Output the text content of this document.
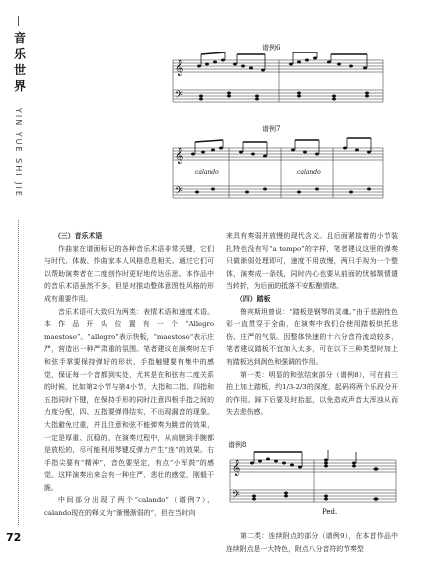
音
乐
世
界
YIN YUE SHI JIE
72
谱例6
𝄞
𝄢
谱例7
𝄞
𝄢
calando	calando

（三）音乐术语

作曲家在谱面标记的各种音乐术语非常关键，它们与时代、体裁、作曲家本人风格息息相关。通过它们可以帮助演奏者在二度创作时更好地传达乐思。本作品中的音乐术语虽然不多，但是对推动整体意图性风格的形成有重要作用。

音乐术语可大致归为两类：表情术语和速度术语。本作品开头位置有一个“Allegro maestoso”。“allegro”表示快板，“maestoso”表示庄严，营造出一种严肃重的氛围。笔者建议在演奏时左手和弦手掌要保持弹好的形状，手指触键要有集中的感觉，保证每一个音都到实处，尤其是在和弦有二度关系的时候，比如第2小节与第4小节，大指和二指、四指和五指同时下键，在保持手形的同时注意四根手指之间的力度分配，四、五指要弹得结实，不出现漏音的现象。大指避免过重，并且注意和弦不能弹奏为跳音的效果，一定是厚重、沉稳的，在演奏过程中，从肩膀到手腕都是放松的，尽可能利用琴键反弹力产生“连”的效果。右手指尖要有“精神”，音色要坚定，有点“小军鼓”的感觉。这样演奏出来会有一种庄严、悲壮的感觉，刚毅干脆。

中间部分出现了两个“calando”（谱例7），calando现在的释义为“渐慢渐弱的”，但在当时向

来具有奏弱并放慢的现代含义。且后面紧接着的小节装扎特也没有写“a tempo”的字样，笔者建议这里的弹奏只做渐弱处理即可，速度不用放慢，两只手视为一个整体，演奏成一条线，同时内心也要从前面的忧郁颓情遣当转折，为后面的抵落不安酝酿情绪。

（四）踏板

鲁宾斯坦曾说：“踏板是钢琴的灵魂。”由于悲剧性色彩一直贯穿于全曲，在演奏中我们合使用踏板烘托悲伤、庄严的气氛。因整体快速的十六分音符流动较多，笔者建议踏板不宜加入太多，可在以下三种类型时加上有踏板达到润色和强调的作用。

第一类：明显的和弦结束部分（谱例8），可在前三拍上加上踏板，约1/3-2/3的深度，起码将两个乐段分开的作用。踩下后要及时抬起，以免造成声音太浑浊从而失去悲伤感。

谱例8
𝄞
𝄢
Ped.

第二类：连续附点的部分（谱例9），在本首作品中连续附点是一大特色，附点八分音符的节奏型
